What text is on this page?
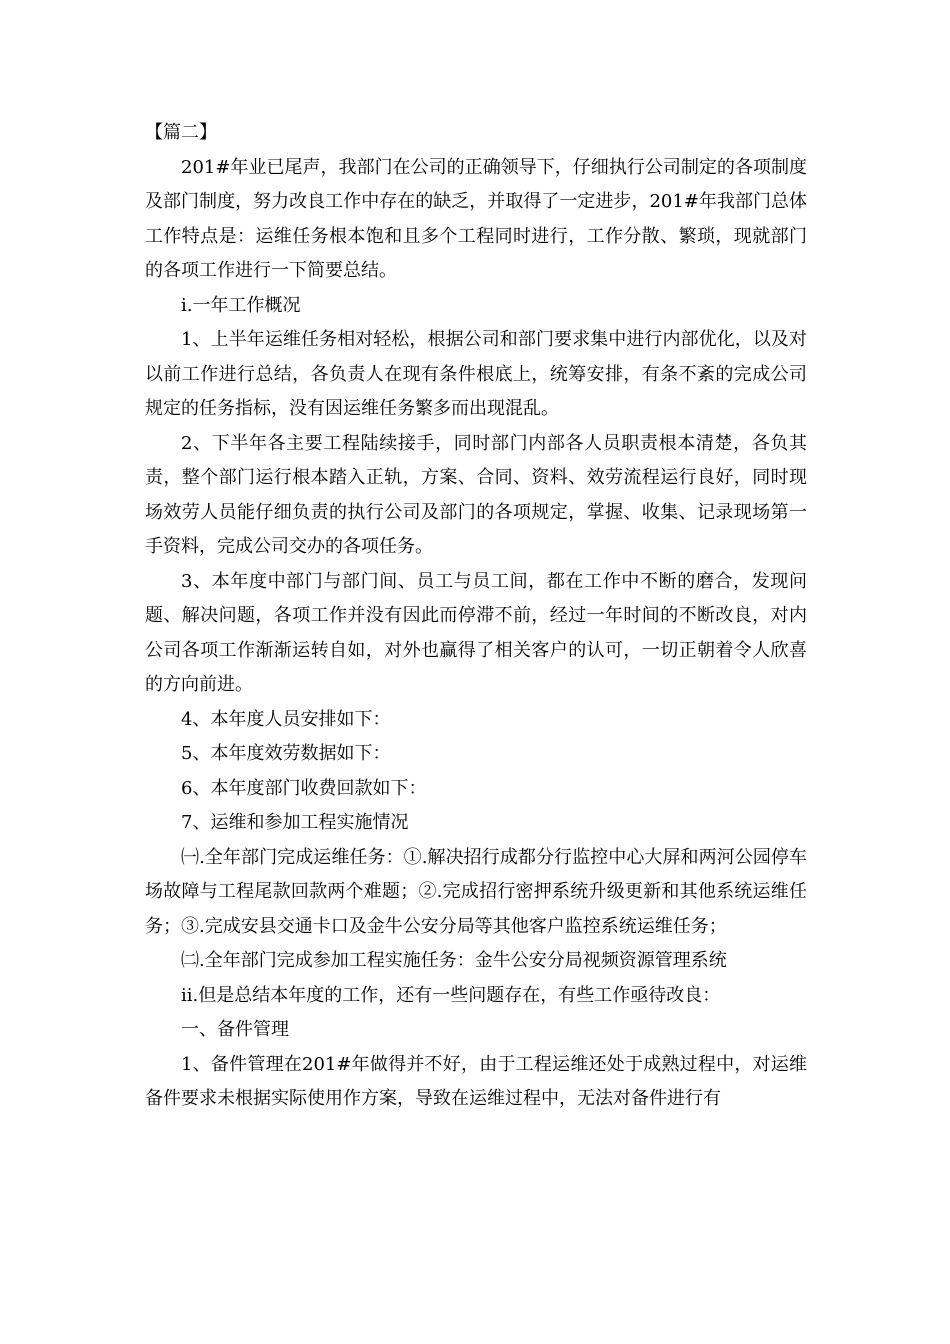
【篇二】

201#年业已尾声，我部门在公司的正确领导下，仔细执行公司制定的各项制度及部门制度，努力改良工作中存在的缺乏，并取得了一定进步，201#年我部门总体工作特点是：运维任务根本饱和且多个工程同时进行，工作分散、繁琐，现就部门的各项工作进行一下简要总结。

ⅰ.一年工作概况

1、上半年运维任务相对轻松，根据公司和部门要求集中进行内部优化，以及对以前工作进行总结，各负责人在现有条件根底上，统筹安排，有条不紊的完成公司规定的任务指标，没有因运维任务繁多而出现混乱。

2、下半年各主要工程陆续接手，同时部门内部各人员职责根本清楚，各负其责，整个部门运行根本踏入正轨，方案、合同、资料、效劳流程运行良好，同时现场效劳人员能仔细负责的执行公司及部门的各项规定，掌握、收集、记录现场第一手资料，完成公司交办的各项任务。

3、本年度中部门与部门间、员工与员工间，都在工作中不断的磨合，发现问题、解决问题，各项工作并没有因此而停滞不前，经过一年时间的不断改良，对内公司各项工作渐渐运转自如，对外也赢得了相关客户的认可，一切正朝着令人欣喜的方向前进。

4、本年度人员安排如下：

5、本年度效劳数据如下：

6、本年度部门收费回款如下：

7、运维和参加工程实施情况

㈠.全年部门完成运维任务：①.解决招行成都分行监控中心大屏和两河公园停车场故障与工程尾款回款两个难题；②.完成招行密押系统升级更新和其他系统运维任务；③.完成安县交通卡口及金牛公安分局等其他客户监控系统运维任务；

㈡.全年部门完成参加工程实施任务：金牛公安分局视频资源管理系统

ⅱ.但是总结本年度的工作，还有一些问题存在，有些工作亟待改良：

一、备件管理

1、备件管理在201#年做得并不好，由于工程运维还处于成熟过程中，对运维备件要求未根据实际使用作方案，导致在运维过程中，无法对备件进行有
